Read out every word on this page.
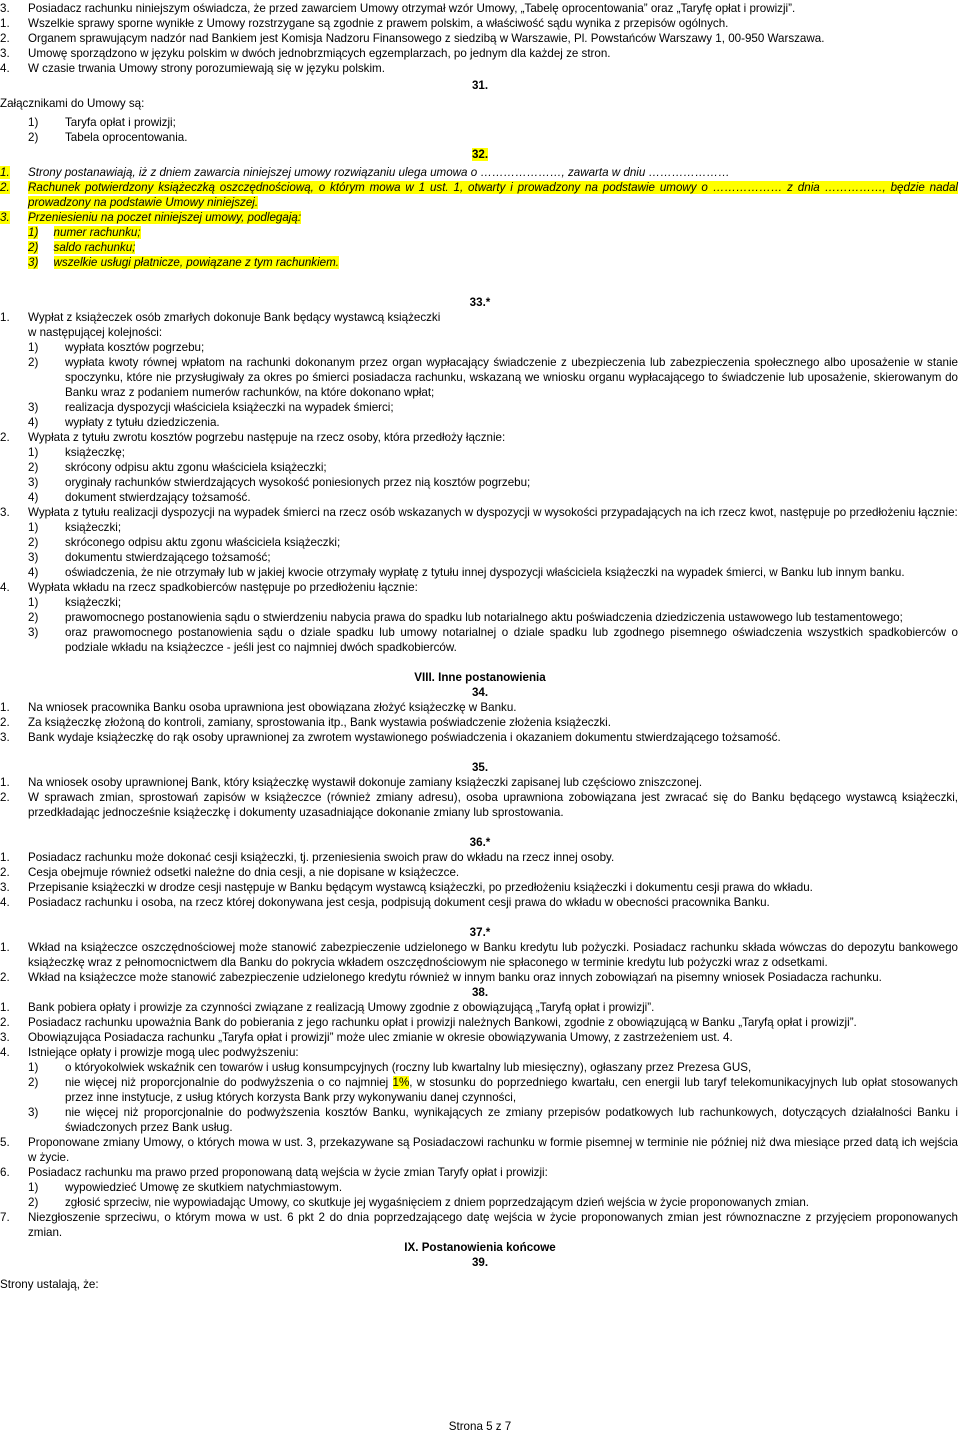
3.	Posiadacz rachunku niniejszym oświadcza, że przed zawarciem Umowy otrzymał wzór Umowy, „Tabelę oprocentowania” oraz „Taryfę opłat i prowizji”.
1.	Wszelkie sprawy sporne wynikłe z Umowy rozstrzygane są zgodnie z prawem polskim, a właściwość sądu wynika z przepisów ogólnych.
2.	Organem sprawującym nadzór nad Bankiem jest Komisja Nadzoru Finansowego z siedzibą w Warszawie, Pl. Powstańców Warszawy 1, 00-950 Warszawa.
3.	Umowę sporządzono w języku polskim w dwóch jednobrzmiących egzemplarzach, po jednym dla każdej ze stron.
4.	W czasie trwania Umowy strony porozumiewają się w języku polskim.
31.
Załącznikami do Umowy są:
1)	Taryfa opłat i prowizji;
2)	Tabela oprocentowania.
32.
1.	Strony postanawiają, iż z dniem zawarcia niniejszej umowy rozwiązaniu ulega umowa o …………………, zawarta w dniu …………………
2.	Rachunek potwierdzony książeczką oszczędnościową, o którym mowa w 1 ust. 1, otwarty i prowadzony na podstawie umowy o ……………… z dnia ……………, będzie nadal prowadzony na podstawie Umowy niniejszej.
3.	Przeniesieniu na poczet niniejszej umowy, podlegają:
1) numer rachunku;
2) saldo rachunku;
3) wszelkie usługi płatnicze, powiązane z tym rachunkiem.
33.*
1.	Wypłat z książeczek osób zmarłych dokonuje Bank będący wystawcą książeczki
w następującej kolejności:
1)	wypłata kosztów pogrzebu;
2)	wypłata kwoty równej wpłatom na rachunki dokonanym przez organ wypłacający świadczenie z ubezpieczenia lub zabezpieczenia społecznego albo uposażenie w stanie spoczynku, które nie przysługiwały za okres po śmierci posiadacza rachunku, wskazaną we wniosku organu wypłacającego to świadczenie lub uposażenie, skierowanym do Banku wraz z podaniem numerów rachunków, na które dokonano wpłat;
3)	realizacja dyspozycji właściciela książeczki na wypadek śmierci;
4)	wypłaty z tytułu dziedziczenia.
2.	Wypłata z tytułu zwrotu kosztów pogrzebu następuje na rzecz osoby, która przedłoży łącznie:
1)	książeczkę;
2)	skrócony odpisu aktu zgonu właściciela książeczki;
3)	oryginały rachunków stwierdzających wysokość poniesionych przez nią kosztów pogrzebu;
4)	dokument stwierdzający tożsamość.
3.	Wypłata z tytułu realizacji dyspozycji na wypadek śmierci na rzecz osób wskazanych w dyspozycji w wysokości przypadających na ich rzecz kwot, następuje po przedłożeniu łącznie:
1)	książeczki;
2)	skróconego odpisu aktu zgonu właściciela książeczki;
3)	dokumentu stwierdzającego tożsamość;
4)	oświadczenia, że nie otrzymały lub w jakiej kwocie otrzymały wypłatę z tytułu innej dyspozycji właściciela książeczki na wypadek śmierci, w Banku lub innym banku.
4.	Wypłata wkładu na rzecz spadkobierców następuje po przedłożeniu łącznie:
1)	książeczki;
2)	prawomocnego postanowienia sądu o stwierdzeniu nabycia prawa do spadku lub notarialnego aktu poświadczenia dziedziczenia ustawowego lub testamentowego;
3)	oraz prawomocnego postanowienia sądu o dziale spadku lub umowy notarialnej o dziale spadku lub zgodnego pisemnego oświadczenia wszystkich spadkobierców o podziale wkładu na książeczce - jeśli jest co najmniej dwóch spadkobierców.
VIII. Inne postanowienia
34.
1.	Na wniosek pracownika Banku osoba uprawniona jest obowiązana złożyć książeczkę w Banku.
2.	Za książeczkę złożoną do kontroli, zamiany, sprostowania itp., Bank wystawia poświadczenie złożenia książeczki.
3.	Bank wydaje książeczkę do rąk osoby uprawnionej za zwrotem wystawionego poświadczenia i okazaniem dokumentu stwierdzającego tożsamość.
35.
1.	Na wniosek osoby uprawnionej Bank, który książeczkę wystawił dokonuje zamiany książeczki zapisanej lub częściowo zniszczonej.
2.	W sprawach zmian, sprostowań zapisów w książeczce (również zmiany adresu), osoba uprawniona zobowiązana jest zwracać się do Banku będącego wystawcą książeczki, przedkładając jednocześnie książeczkę i dokumenty uzasadniające dokonanie zmiany lub sprostowania.
36.*
1.	Posiadacz rachunku może dokonać cesji książeczki, tj. przeniesienia swoich praw do wkładu na rzecz innej osoby.
2.	Cesja obejmuje również odsetki należne do dnia cesji, a nie dopisane w książeczce.
3.	Przepisanie książeczki w drodze cesji następuje w Banku będącym wystawcą książeczki, po przedłożeniu książeczki i dokumentu cesji prawa do wkładu.
4.	Posiadacz rachunku i osoba, na rzecz której dokonywana jest cesja, podpisują dokument cesji prawa do wkładu w obecności pracownika Banku.
37.*
1.	Wkład na książeczce oszczędnościowej może stanowić zabezpieczenie udzielonego w Banku kredytu lub pożyczki. Posiadacz rachunku składa wówczas do depozytu bankowego książeczkę wraz z pełnomocnictwem dla Banku do pokrycia wkładem oszczędnościowym nie spłaconego w terminie kredytu lub pożyczki wraz z odsetkami.
2.	Wkład na książeczce może stanowić zabezpieczenie udzielonego kredytu również w innym banku oraz innych zobowiązań na pisemny wniosek Posiadacza rachunku.
38.
1.	Bank pobiera opłaty i prowizje za czynności związane z realizacją Umowy zgodnie z obowiązującą „Taryfą opłat i prowizji”.
2.	Posiadacz rachunku upoważnia Bank do pobierania z jego rachunku opłat i prowizji należnych Bankowi, zgodnie z obowiązującą w Banku „Taryfą opłat i prowizji”.
3.	Obowiązująca Posiadacza rachunku „Taryfa opłat i prowizji” może ulec zmianie w okresie obowiązywania Umowy, z zastrzeżeniem ust. 4.
4.	Istniejące opłaty i prowizje mogą ulec podwyższeniu:
1)	o któryokolwiek wskaźnik cen towarów i usług konsumpcyjnych (roczny lub kwartalny lub miesięczny), ogłaszany przez Prezesa GUS,
2)	nie więcej niż proporcjonalnie do podwyższenia o co najmniej 1%, w stosunku do poprzedniego kwartału, cen energii lub taryf telekomunikacyjnych lub opłat stosowanych przez inne instytucje, z usług których korzysta Bank przy wykonywaniu danej czynności,
3)	nie więcej niż proporcjonalnie do podwyższenia kosztów Banku, wynikających ze zmiany przepisów podatkowych lub rachunkowych, dotyczących działalności Banku i świadczonych przez Bank usług.
5.	Proponowane zmiany Umowy, o których mowa w ust. 3, przekazywane są Posiadaczowi rachunku w formie pisemnej w terminie nie później niż dwa miesiące przed datą ich wejścia w życie.
6.	Posiadacz rachunku ma prawo przed proponowaną datą wejścia w życie zmian Taryfy opłat i prowizji:
1)	wypowiedzieć Umowę ze skutkiem natychmiastowym.
2)	zgłosić sprzeciw, nie wypowiadając Umowy, co skutkuje jej wygaśnięciem z dniem poprzedzającym dzień wejścia w życie proponowanych zmian.
7.	Niezgłoszenie sprzeciwu, o którym mowa w ust. 6 pkt 2 do dnia poprzedzającego datę wejścia w życie proponowanych zmian jest równoznaczne z przyjęciem proponowanych zmian.
IX. Postanowienia końcowe
39.
Strony ustalają, że:
Strona 5 z 7
